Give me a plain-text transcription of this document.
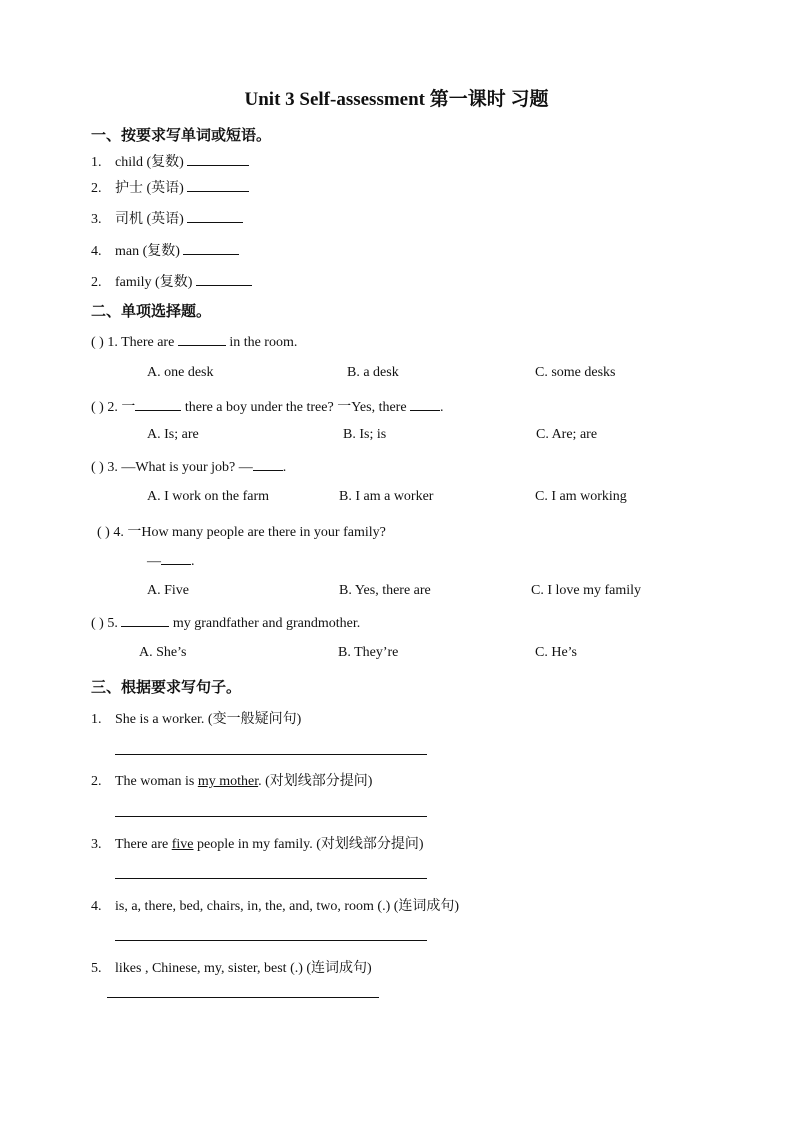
Unit 3 Self-assessment 第一课时 习题
一、按要求写单词或短语。
1. child (复数)
2. 护士 (英语)
3. 司机 (英语)
4. man (复数)
2. family (复数)
二、单项选择题。
( ) 1. There are	in the room.
A. one desk	B. a desk	C. some desks
( ) 2. 一	there a boy under the tree? 一Yes, there .
A. Is; are	B. Is; is	C. Are; are
( ) 3. —What is your job? — .
A. I work on the farm	B. I am a worker	C. I am working
( ) 4. 一How many people are there in your family?
— .
A. Five	B. Yes, there are	C. I love my family
( ) 5.	my grandfather and grandmother.
A. She’s	B. They’re	C. He’s
三、根据要求写句子。
1. She is a worker. (变一般疑问句)
2. The woman is my mother. (对划线部分提问)
3. There are five people in my family. (对划线部分提问)
4. is, a, there, bed, chairs, in, the, and, two, room (.) (连词成句)
5. likes , Chinese, my, sister, best (.) (连词成句)
